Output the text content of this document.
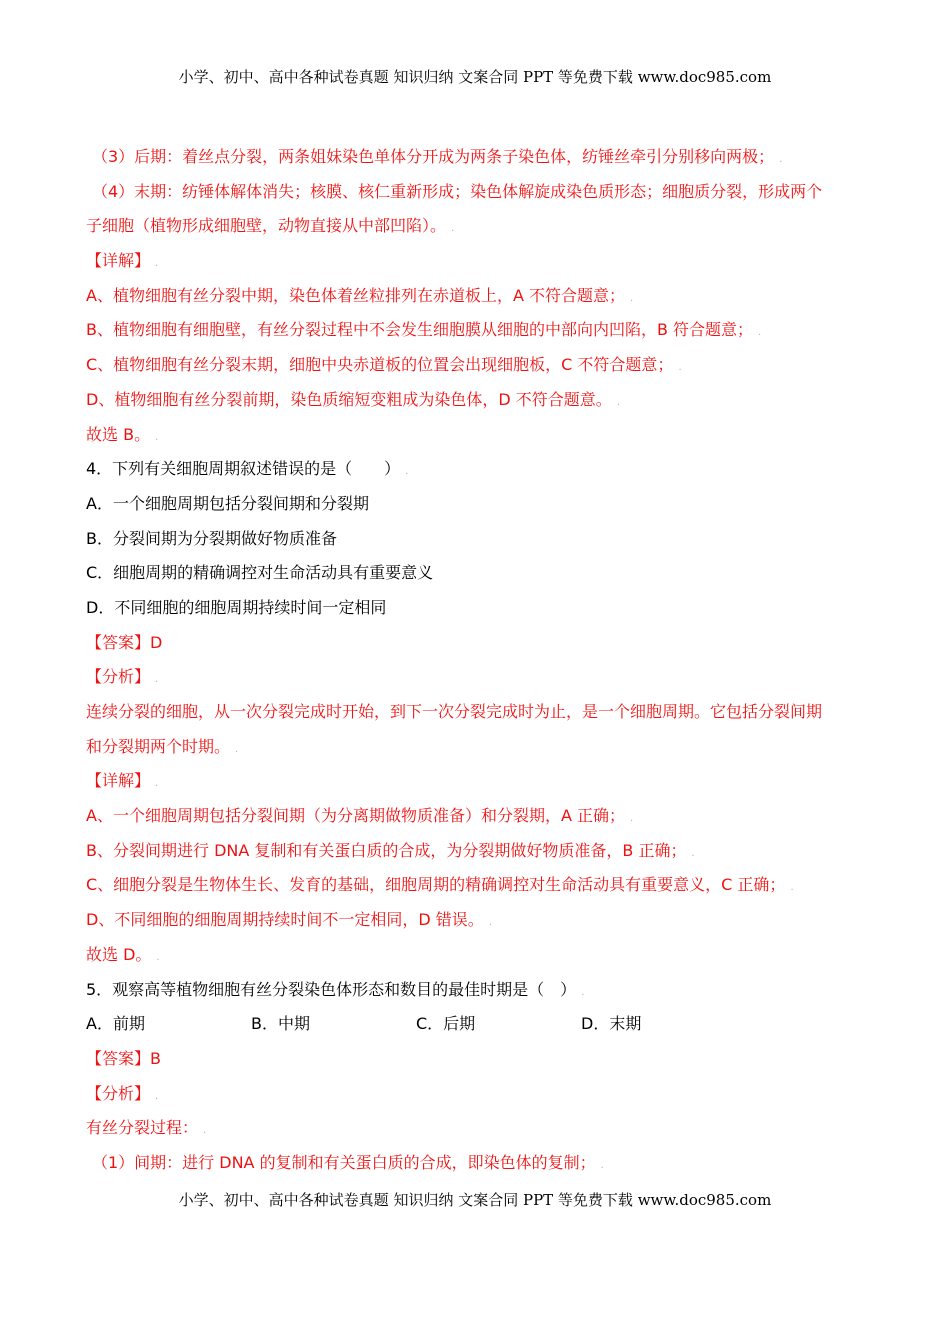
小学、初中、高中各种试卷真题 知识归纳 文案合同 PPT 等免费下载 www.doc985.com
（3）后期：着丝点分裂，两条姐妹染色单体分开成为两条子染色体，纺锤丝牵引分别移向两极； .
（4）末期：纺锤体解体消失；核膜、核仁重新形成；染色体解旋成染色质形态；细胞质分裂，形成两个
子细胞（植物形成细胞壁，动物直接从中部凹陷）。 .
【详解】 .
A、植物细胞有丝分裂中期，染色体着丝粒排列在赤道板上，A 不符合题意； .
B、植物细胞有细胞壁，有丝分裂过程中不会发生细胞膜从细胞的中部向内凹陷，B 符合题意； .
C、植物细胞有丝分裂末期，细胞中央赤道板的位置会出现细胞板，C 不符合题意； .
D、植物细胞有丝分裂前期，染色质缩短变粗成为染色体，D 不符合题意。 .
故选 B。 .
4．下列有关细胞周期叙述错误的是（　　） .
A．一个细胞周期包括分裂间期和分裂期
B．分裂间期为分裂期做好物质准备
C．细胞周期的精确调控对生命活动具有重要意义
D．不同细胞的细胞周期持续时间一定相同
【答案】D
【分析】 .
连续分裂的细胞，从一次分裂完成时开始，到下一次分裂完成时为止，是一个细胞周期。它包括分裂间期
和分裂期两个时期。 .
【详解】 .
A、一个细胞周期包括分裂间期（为分离期做物质准备）和分裂期，A 正确； .
B、分裂间期进行 DNA 复制和有关蛋白质的合成，为分裂期做好物质准备，B 正确； .
C、细胞分裂是生物体生长、发育的基础，细胞周期的精确调控对生命活动具有重要意义，C 正确； .
D、不同细胞的细胞周期持续时间不一定相同，D 错误。 .
故选 D。 .
5．观察高等植物细胞有丝分裂染色体形态和数目的最佳时期是（　） .
A．前期	B．中期	C．后期	D．末期
【答案】B
【分析】 .
有丝分裂过程： .
（1）间期：进行 DNA 的复制和有关蛋白质的合成，即染色体的复制； .
小学、初中、高中各种试卷真题 知识归纳 文案合同 PPT 等免费下载 www.doc985.com
